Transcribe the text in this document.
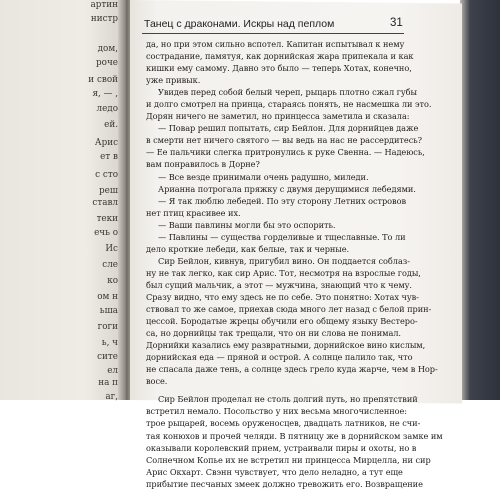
Танец с драконами. Искры над пеплом	31
да, но при этом сильно вспотел. Капитан испытывал к нему
сострадание, памятуя, как дорнийская жара припекала и как
кишки ему самому. Давно это было — теперь Хотах, конечно,
уже привык.
Увидев перед собой белый череп, рыцарь плотно сжал губы
и долго смотрел на принца, стараясь понять, не насмешка ли это.
Дорян ничего не заметил, но принцесса заметила и сказала:
— Повар решил попытать, сир Бейлон. Для дорнийцев даже
в смерти нет ничего святого — вы ведь на нас не рассердитесь?
— Ее пальчики слегка притронулись к руке Свенна. — Надеюсь,
вам понравилось в Дорне?
— Все везде принимали очень радушно, миледи.
Арианна потрогала пряжку с двумя дерущимися лебедями.
— Я так люблю лебедей. По эту сторону Летних островов
нет птиц красивее их.
— Ваши павлины могли бы это оспорить.
— Павлины — существа горделивые и тщеславные. То ли
дело кроткие лебеди, как белые, так и черные.
Сир Бейлон, кивнув, пригубил вино. Он поддается соблаз-
ну не так легко, как сир Арис. Тот, несмотря на взрослые годы,
был сущий мальчик, а этот — мужчина, знающий что к чему.
Сразу видно, что ему здесь не по себе. Это понятно: Хотах чув-
ствовал то же самое, приехав сюда много лет назад с белой прин-
цессой. Бородатые жрецы обучили его общему языку Вестеро-
са, но дорнийцы так трещали, что он ни слова не понимал.
Дорнийки казались ему развратными, дорнийское вино кислым,
дорнийская еда — пряной и острой. А солнце палило так, что
не спасала даже тень, а солнце здесь грело куда жарче, чем в Нор-
восе.
Сир Бейлон проделал не столь долгий путь, но препятствий
встретил немало. Посольство у них весьма многочисленное:
трое рыцарей, восемь оруженосцев, двадцать латников, не счи-
тая конюхов и прочей челяди. В пятницу же в дорнийском замке им
оказывали королевский прием, устраивали пиры и охоты, но в
Солнечном Копье их не встретил ни принцесса Мирцелла, ни сир
Арис Окхарт. Свэнн чувствует, что дело неладно, а тут еще
прибытие песчаных змеек должно тревожить его. Возвращение
артин
нистр
дом,
роче
и свой
я, — ,
ледо
ей.
Арис
ет в
с сто
реш
ставл
теки
ечь о
Ис
сле
ко
ом н
ьша
гоги
ь, ч
сите
ел
на п
аг,
